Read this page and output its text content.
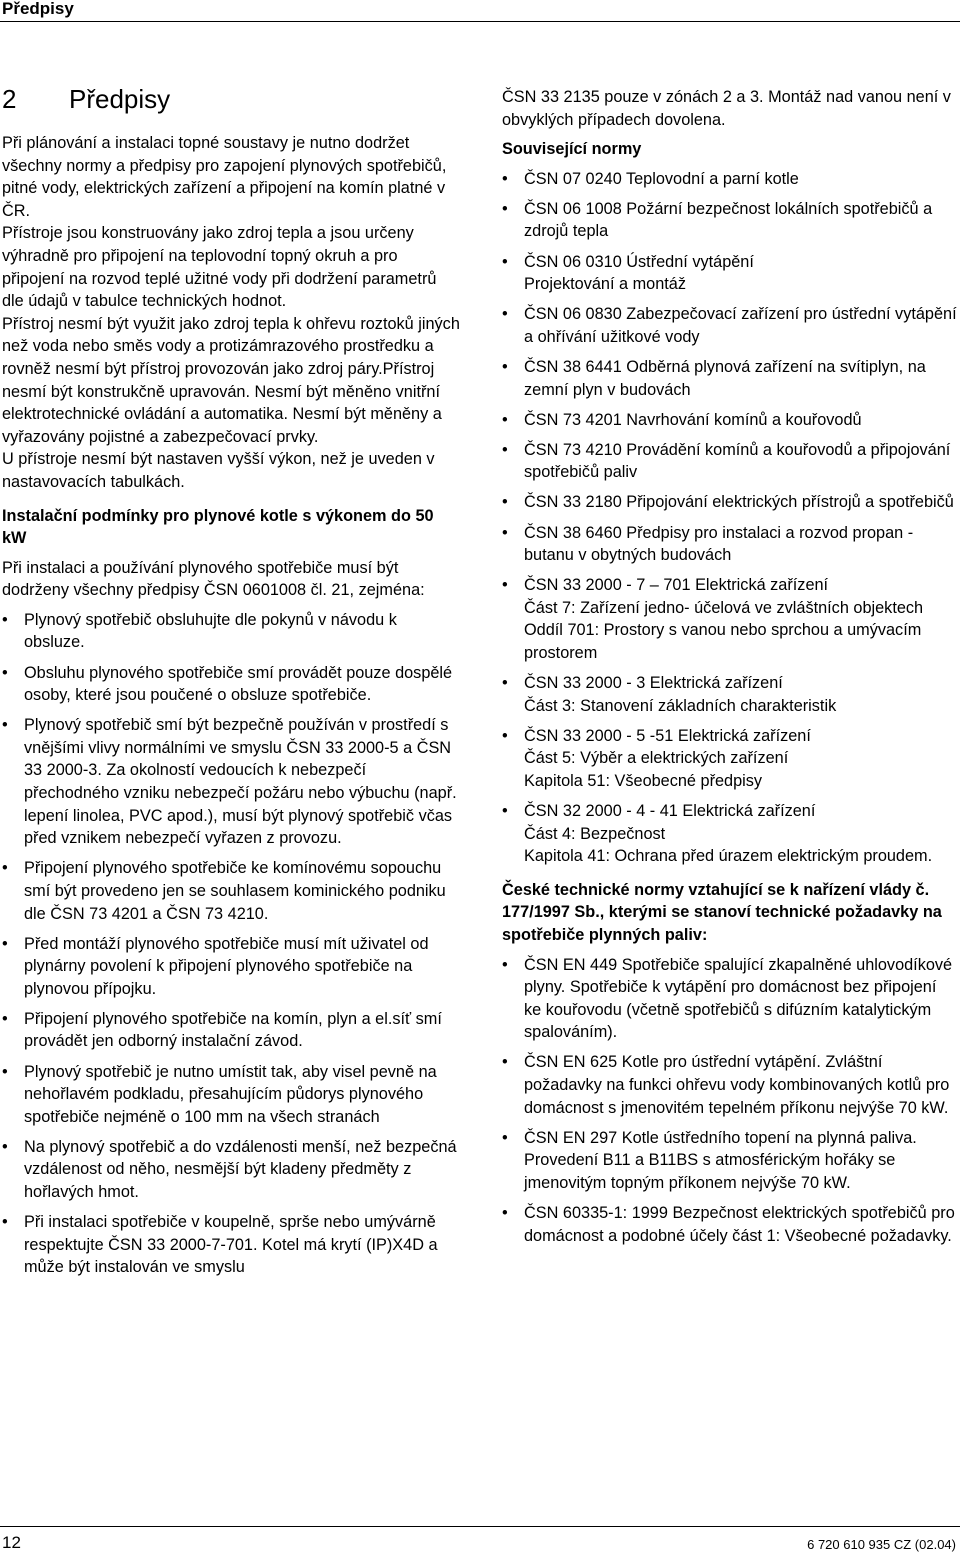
Předpisy
2 Předpisy

Při plánování a instalaci topné soustavy je nutno dodržet všechny normy a předpisy pro zapojení plynových spotřebičů, pitné vody, elektrických zařízení a připojení na komín platné v ČR.

Přístroje jsou konstruovány jako zdroj tepla a jsou určeny výhradně pro připojení na teplovodní topný okruh a pro připojení na rozvod teplé užitné vody při dodržení parametrů dle údajů v tabulce technických hodnot.

Přístroj nesmí být využit jako zdroj tepla k ohřevu roztoků jiných než voda nebo směs vody a protizámrazového prostředku a rovněž nesmí být přístroj provozován jako zdroj páry.Přístroj nesmí být konstrukčně upravován. Nesmí být měněno vnitřní elektrotechnické ovládání a automatika. Nesmí být měněny a vyřazovány pojistné a zabezpečovací prvky.

U přístroje nesmí být nastaven vyšší výkon, než je uveden v nastavovacích tabulkách.

Instalační podmínky pro plynové kotle s výkonem do 50 kW

Při instalaci a používání plynového spotřebiče musí být dodrženy všechny předpisy ČSN 0601008 čl. 21, zejména:

• Plynový spotřebič obsluhujte dle pokynů v návodu k obsluze.
• Obsluhu plynového spotřebiče smí provádět pouze dospělé osoby, které jsou poučené o obsluze spotřebiče.
• Plynový spotřebič smí být bezpečně používán v prostředí s vnějšími vlivy normálními ve smyslu ČSN 33 2000-5 a ČSN 33 2000-3. Za okolností vedoucích k nebezpečí přechodného vzniku nebezpečí požáru nebo výbuchu (např. lepení linolea, PVC apod.), musí být plynový spotřebič včas před vznikem nebezpečí vyřazen z provozu.
• Připojení plynového spotřebiče ke komínovému sopouchu smí být provedeno jen se souhlasem kominického podniku dle ČSN 73 4201 a ČSN 73 4210.
• Před montáží plynového spotřebiče musí mít uživatel od plynárny povolení k připojení plynového spotřebiče na plynovou přípojku.
• Připojení plynového spotřebiče na komín, plyn a el.síť smí provádět jen odborný instalační závod.
• Plynový spotřebič je nutno umístit tak, aby visel pevně na nehořlavém podkladu, přesahujícím půdorys plynového spotřebiče nejméně o 100 mm na všech stranách
• Na plynový spotřebič a do vzdálenosti menší, než bezpečná vzdálenost od něho, nesmější být kladeny předměty z hořlavých hmot.
• Při instalaci spotřebiče v koupelně, sprše nebo umývárně respektujte ČSN 33 2000-7-701. Kotel má krytí (IP)X4D a může být instalován ve smyslu

ČSN 33 2135 pouze v zónách 2 a 3. Montáž nad vanou není v obvyklých případech dovolena.

Související normy

• ČSN 07 0240 Teplovodní a parní kotle
• ČSN 06 1008 Požární bezpečnost lokálních spotřebičů a zdrojů tepla
• ČSN 06 0310 Ústřední vytápění
Projektování a montáž
• ČSN 06 0830 Zabezpečovací zařízení pro ústřední vytápění a ohřívání užitkové vody
• ČSN 38 6441 Odběrná plynová zařízení na svítiplyn, na zemní plyn v budovách
• ČSN 73 4201 Navrhování komínů a kouřovodů
• ČSN 73 4210 Provádění komínů a kouřovodů a připojování spotřebičů paliv
• ČSN 33 2180 Připojování elektrických přístrojů a spotřebičů
• ČSN 38 6460 Předpisy pro instalaci a rozvod propan - butanu v obytných budovách
• ČSN 33 2000 - 7 – 701 Elektrická zařízení
Část 7: Zařízení jedno- účelová ve zvláštních objektech
Oddíl 701: Prostory s vanou nebo sprchou a umývacím prostorem
• ČSN 33 2000 - 3 Elektrická zařízení
Část 3: Stanovení základních charakteristik
• ČSN 33 2000 - 5 -51 Elektrická zařízení
Část 5: Výběr a elektrických zařízení
Kapitola 51: Všeobecné předpisy
• ČSN 32 2000 - 4 - 41 Elektrická zařízení
Část 4: Bezpečnost
Kapitola 41: Ochrana před úrazem elektrickým proudem.

České technické normy vztahující se k nařízení vlády č. 177/1997 Sb., kterými se stanoví technické požadavky na spotřebiče plynných paliv:

• ČSN EN 449 Spotřebiče spalující zkapalněné uhlovodíkové plyny. Spotřebiče k vytápění pro domácnost bez připojení ke kouřovodu (včetně spotřebičů s difúzním katalytickým spalováním).
• ČSN EN 625 Kotle pro ústřední vytápění. Zvláštní požadavky na funkci ohřevu vody kombinovaných kotlů pro domácnost s jmenovitém tepelném příkonu nejvýše 70 kW.
• ČSN EN 297 Kotle ústředního topení na plynná paliva. Provedení B11 a B11BS s atmosférickým hořáky se jmenovitým topným příkonem nejvýše 70 kW.
• ČSN 60335-1: 1999 Bezpečnost elektrických spotřebičů pro domácnost a podobné účely část 1: Všeobecné požadavky.
12	6 720 610 935 CZ (02.04)
